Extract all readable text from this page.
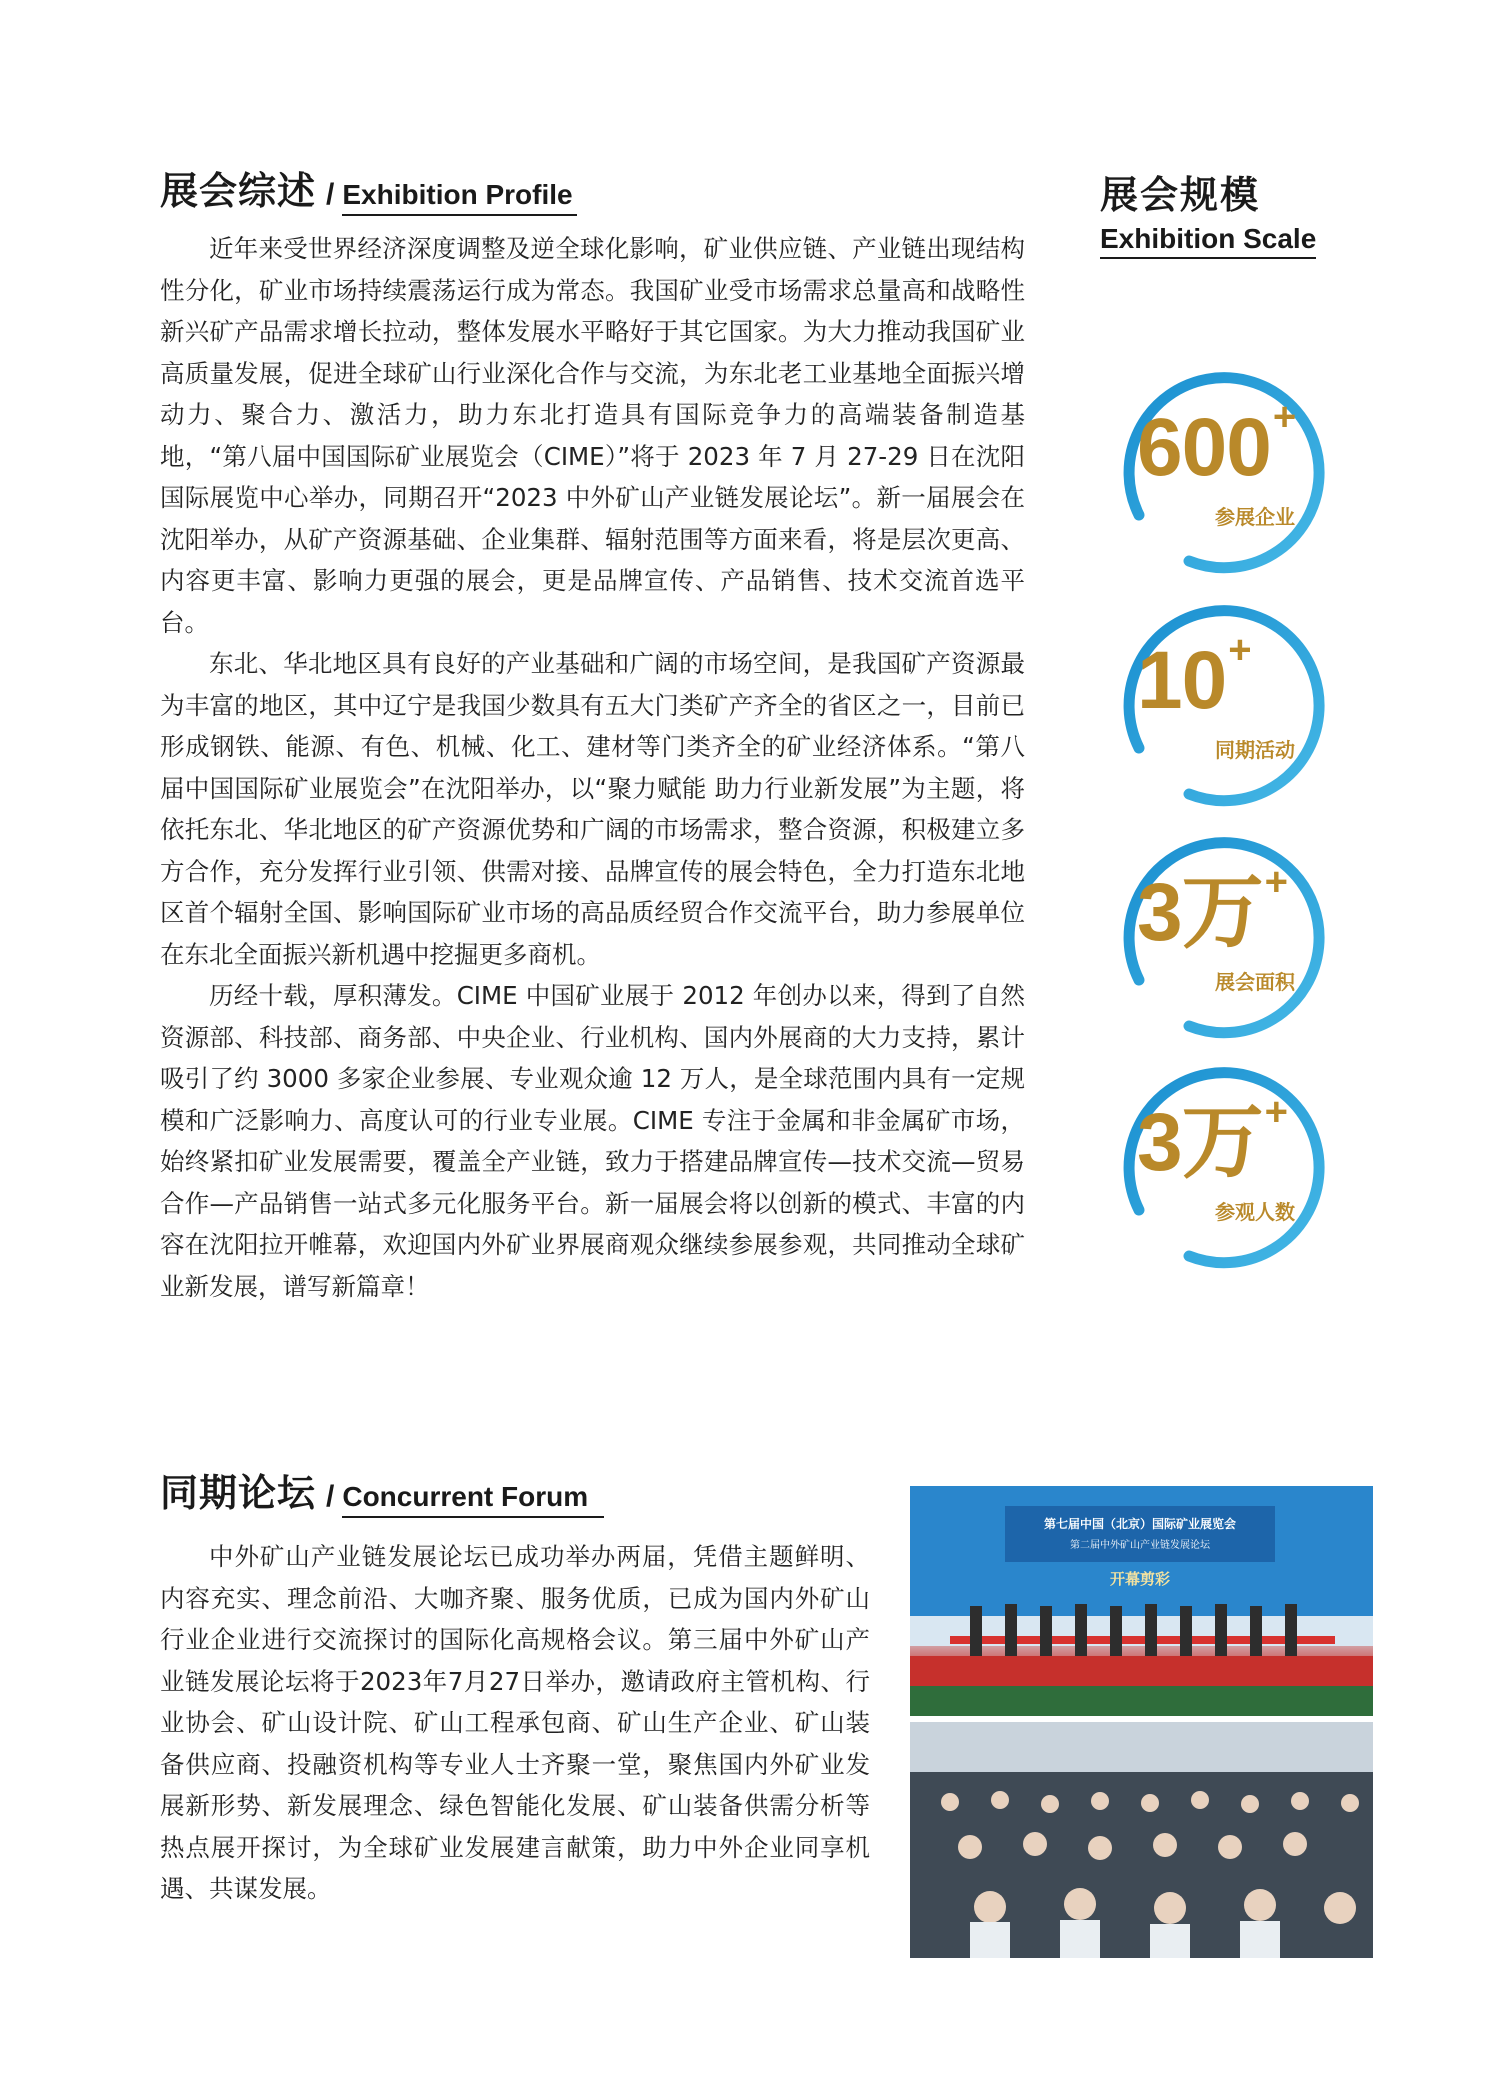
展会综述 / Exhibition Profile

近年来受世界经济深度调整及逆全球化影响，矿业供应链、产业链出现结构性分化，矿业市场持续震荡运行成为常态。我国矿业受市场需求总量高和战略性新兴矿产品需求增长拉动，整体发展水平略好于其它国家。为大力推动我国矿业高质量发展，促进全球矿山行业深化合作与交流，为东北老工业基地全面振兴增动力、聚合力、激活力，助力东北打造具有国际竞争力的高端装备制造基地，“第八届中国国际矿业展览会（CIME）”将于 2023 年 7 月 27-29 日在沈阳国际展览中心举办，同期召开“2023 中外矿山产业链发展论坛”。新一届展会在沈阳举办，从矿产资源基础、企业集群、辐射范围等方面来看，将是层次更高、内容更丰富、影响力更强的展会，更是品牌宣传、产品销售、技术交流首选平台。

东北、华北地区具有良好的产业基础和广阔的市场空间，是我国矿产资源最为丰富的地区，其中辽宁是我国少数具有五大门类矿产齐全的省区之一，目前已形成钢铁、能源、有色、机械、化工、建材等门类齐全的矿业经济体系。“第八届中国国际矿业展览会”在沈阳举办，以“聚力赋能 助力行业新发展”为主题，将依托东北、华北地区的矿产资源优势和广阔的市场需求，整合资源，积极建立多方合作，充分发挥行业引领、供需对接、品牌宣传的展会特色，全力打造东北地区首个辐射全国、影响国际矿业市场的高品质经贸合作交流平台，助力参展单位在东北全面振兴新机遇中挖掘更多商机。

历经十载，厚积薄发。CIME 中国矿业展于 2012 年创办以来，得到了自然资源部、科技部、商务部、中央企业、行业机构、国内外展商的大力支持，累计吸引了约 3000 多家企业参展、专业观众逾 12 万人，是全球范围内具有一定规模和广泛影响力、高度认可的行业专业展。CIME 专注于金属和非金属矿市场，始终紧扣矿业发展需要，覆盖全产业链，致力于搭建品牌宣传—技术交流—贸易合作—产品销售一站式多元化服务平台。新一届展会将以创新的模式、丰富的内容在沈阳拉开帷幕，欢迎国内外矿业界展商观众继续参展参观，共同推动全球矿业新发展，谱写新篇章！

展会规模
Exhibition Scale
600+
参展企业
10+
同期活动
3万+
展会面积
3万+
参观人数
同期论坛 / Concurrent Forum

中外矿山产业链发展论坛已成功举办两届，凭借主题鲜明、内容充实、理念前沿、大咖齐聚、服务优质，已成为国内外矿山行业企业进行交流探讨的国际化高规格会议。第三届中外矿山产业链发展论坛将于2023年7月27日举办，邀请政府主管机构、行业协会、矿山设计院、矿山工程承包商、矿山生产企业、矿山装备供应商、投融资机构等专业人士齐聚一堂，聚焦国内外矿业发展新形势、新发展理念、绿色智能化发展、矿山装备供需分析等热点展开探讨，为全球矿业发展建言献策，助力中外企业同享机遇、共谋发展。

第七届中国（北京）国际矿业展览会
第二届中外矿山产业链发展论坛
开幕剪彩
